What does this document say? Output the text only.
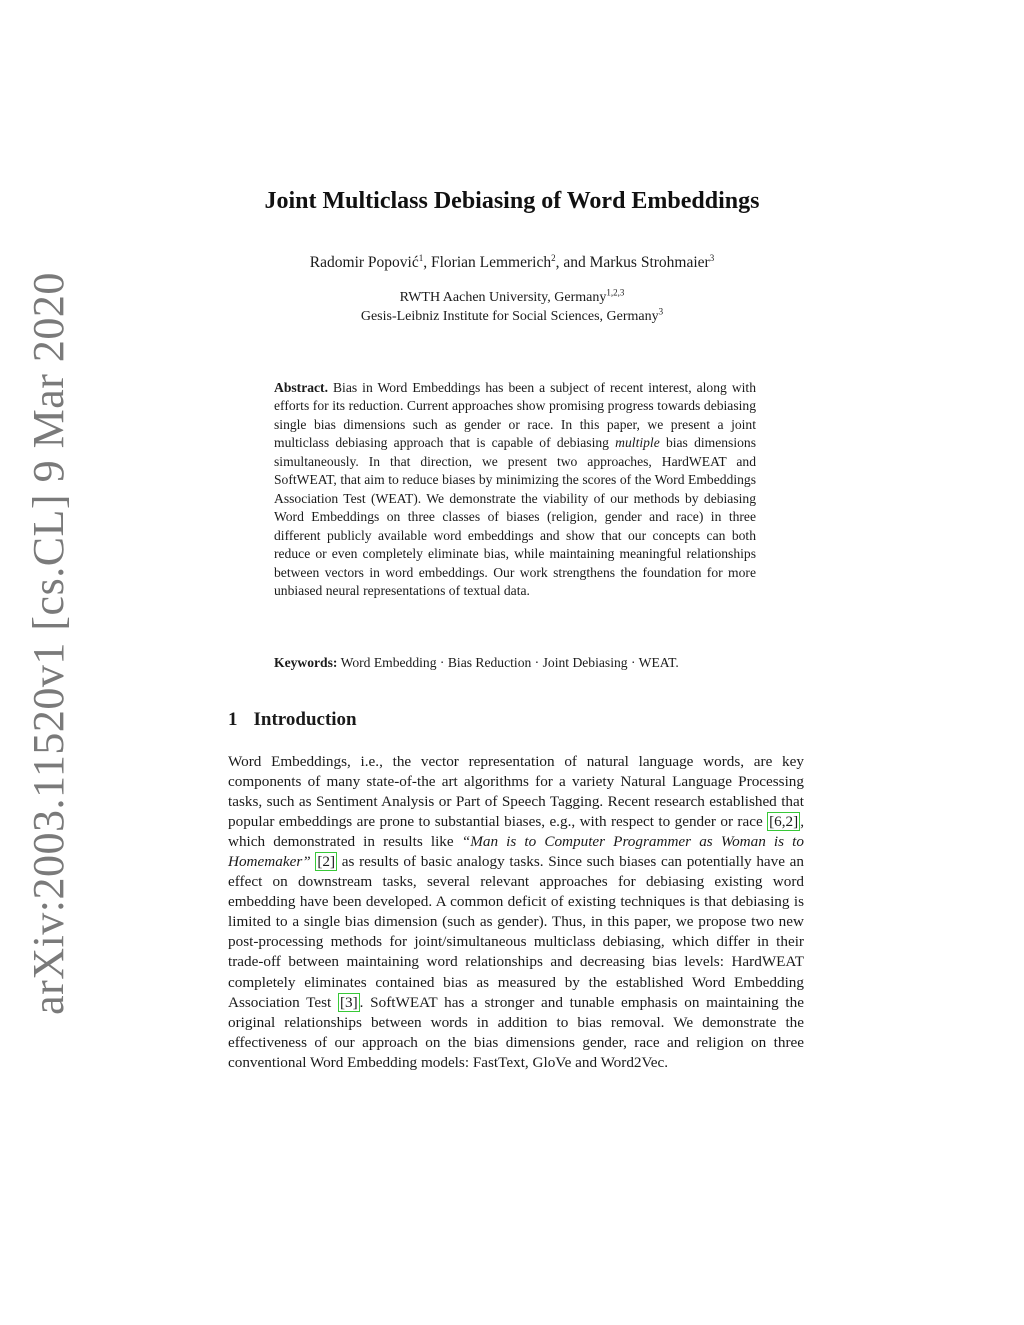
arXiv:2003.11520v1 [cs.CL] 9 Mar 2020
Joint Multiclass Debiasing of Word Embeddings
Radomir Popović$^1$, Florian Lemmerich$^2$, and Markus Strohmaier$^3$
RWTH Aachen University, Germany$^{1,2,3}$
Gesis-Leibniz Institute for Social Sciences, Germany$^3$
Abstract. Bias in Word Embeddings has been a subject of recent interest, along with efforts for its reduction. Current approaches show promising progress towards debiasing single bias dimensions such as gender or race. In this paper, we present a joint multiclass debiasing approach that is capable of debiasing multiple bias dimensions simultaneously. In that direction, we present two approaches, HardWEAT and SoftWEAT, that aim to reduce biases by minimizing the scores of the Word Embeddings Association Test (WEAT). We demonstrate the viability of our methods by debiasing Word Embeddings on three classes of biases (religion, gender and race) in three different publicly available word embeddings and show that our concepts can both reduce or even completely eliminate bias, while maintaining meaningful relationships between vectors in word embeddings. Our work strengthens the foundation for more unbiased neural representations of textual data.
Keywords: Word Embedding · Bias Reduction · Joint Debiasing · WEAT.
1 Introduction
Word Embeddings, i.e., the vector representation of natural language words, are key components of many state-of-the art algorithms for a variety Natural Language Processing tasks, such as Sentiment Analysis or Part of Speech Tagging. Recent research established that popular embeddings are prone to substantial biases, e.g., with respect to gender or race [6,2] , which demonstrated in results like “Man is to Computer Programmer as Woman is to Homemaker” [2] as results of basic analogy tasks. Since such biases can potentially have an effect on downstream tasks, several relevant approaches for debiasing existing word embedding have been developed. A common deficit of existing techniques is that debiasing is limited to a single bias dimension (such as gender). Thus, in this paper, we propose two new post-processing methods for joint/simultaneous multiclass debiasing, which differ in their trade-off between maintaining word relationships and decreasing bias levels: HardWEAT completely eliminates contained bias as measured by the established Word Embedding Association Test [3] . SoftWEAT has a stronger and tunable emphasis on maintaining the original relationships between words in addition to bias removal. We demonstrate the effectiveness of our approach on the bias dimensions gender, race and religion on three conventional Word Embedding models: FastText, GloVe and Word2Vec.
